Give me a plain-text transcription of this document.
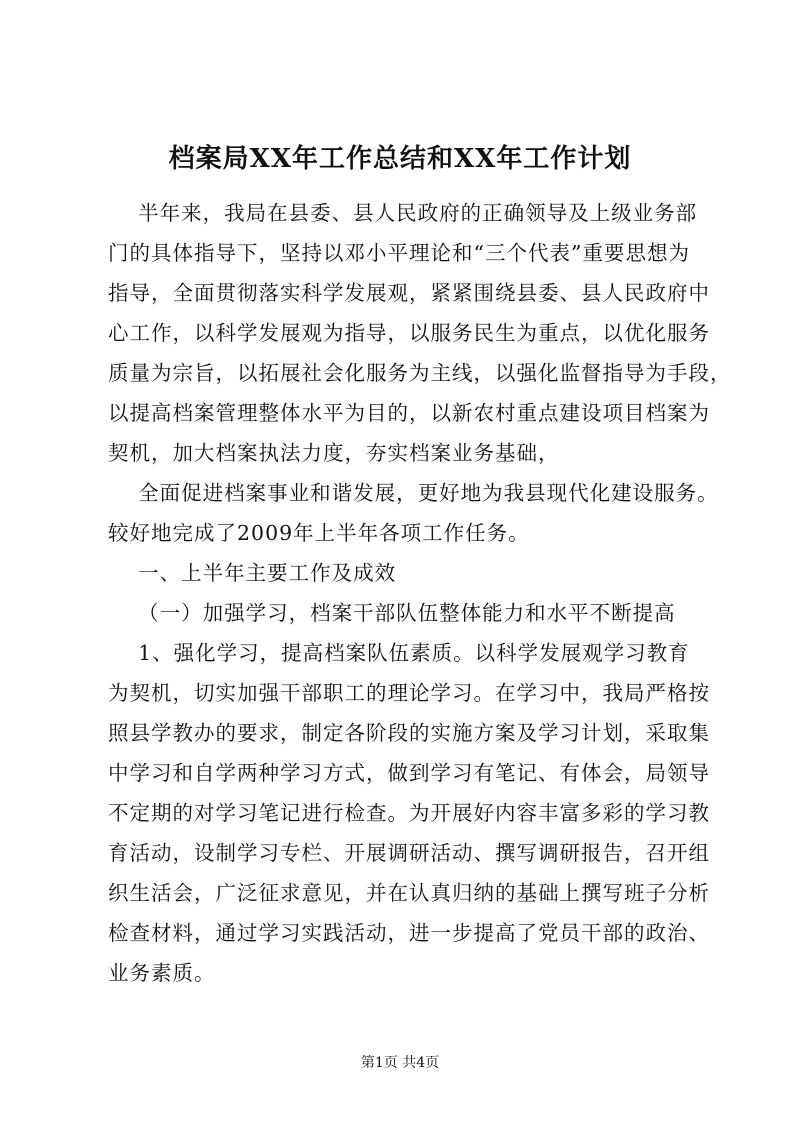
档案局XX年工作总结和XX年工作计划
半年来，我局在县委、县人民政府的正确领导及上级业务部
门的具体指导下，坚持以邓小平理论和“三个代表”重要思想为
指导，全面贯彻落实科学发展观，紧紧围绕县委、县人民政府中
心工作，以科学发展观为指导，以服务民生为重点，以优化服务
质量为宗旨，以拓展社会化服务为主线，以强化监督指导为手段，
以提高档案管理整体水平为目的，以新农村重点建设项目档案为
契机，加大档案执法力度，夯实档案业务基础，
全面促进档案事业和谐发展，更好地为我县现代化建设服务。
较好地完成了2009年上半年各项工作任务。
一、上半年主要工作及成效
（一）加强学习，档案干部队伍整体能力和水平不断提高
1、强化学习，提高档案队伍素质。以科学发展观学习教育
为契机，切实加强干部职工的理论学习。在学习中，我局严格按
照县学教办的要求，制定各阶段的实施方案及学习计划，采取集
中学习和自学两种学习方式，做到学习有笔记、有体会，局领导
不定期的对学习笔记进行检查。为开展好内容丰富多彩的学习教
育活动，设制学习专栏、开展调研活动、撰写调研报告，召开组
织生活会，广泛征求意见，并在认真归纳的基础上撰写班子分析
检查材料，通过学习实践活动，进一步提高了党员干部的政治、
业务素质。
第1页 共4页
